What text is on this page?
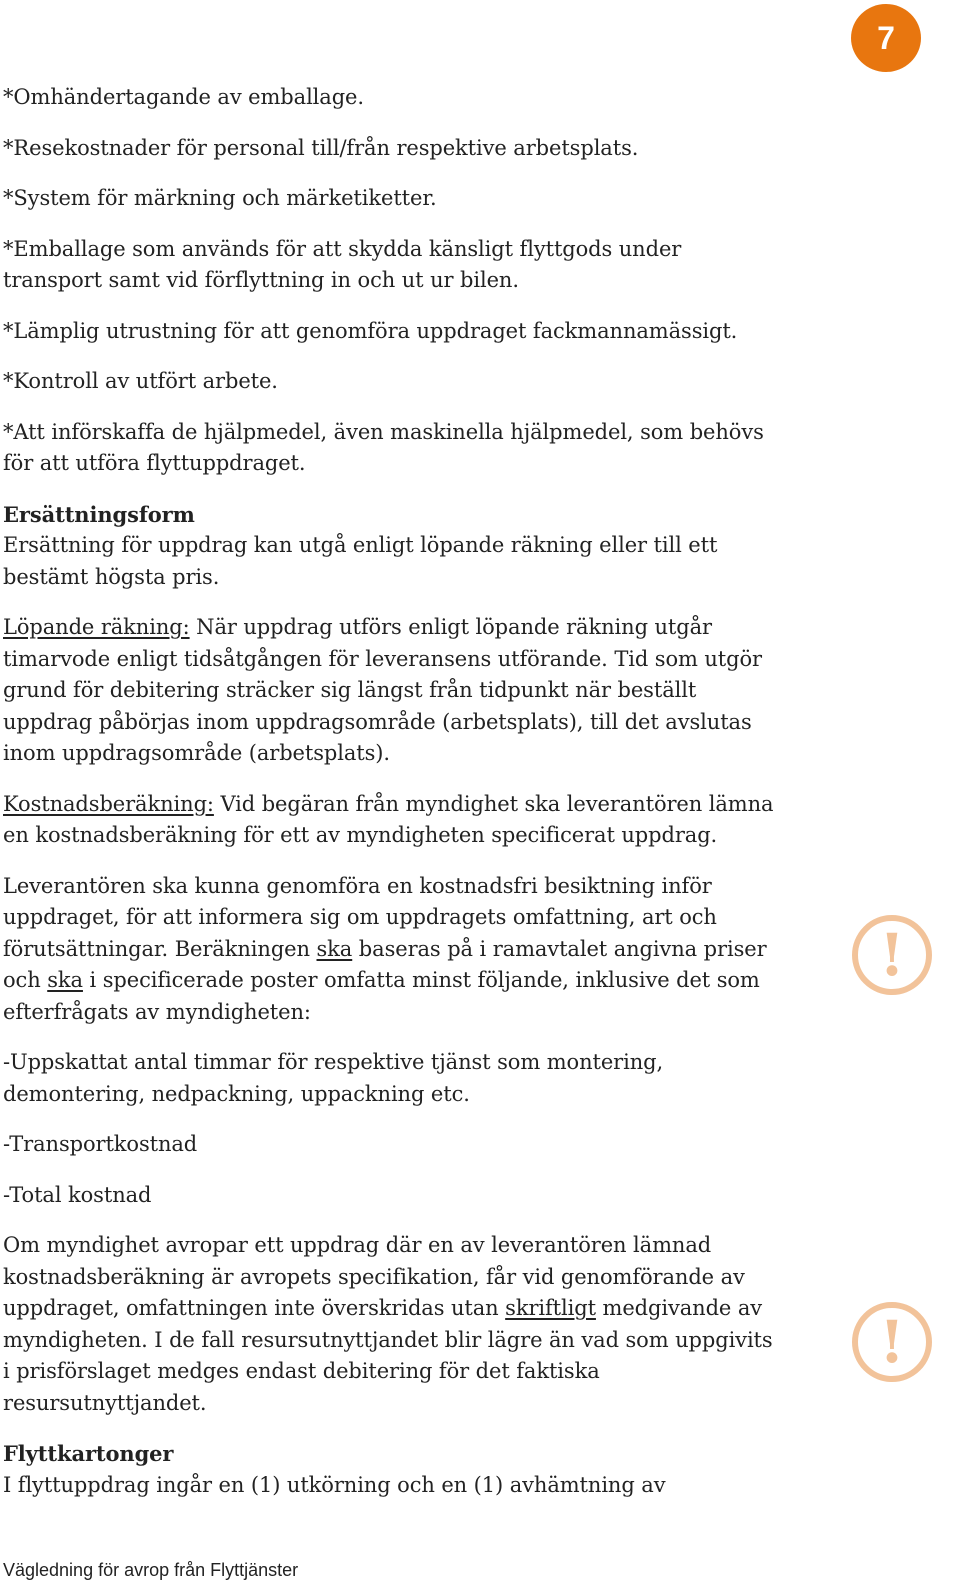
7

*Omhändertagande av emballage.

*Resekostnader för personal till/från respektive arbetsplats.

*System för märkning och märketiketter.

*Emballage som används för att skydda känsligt flyttgods under
transport samt vid förflyttning in och ut ur bilen.

*Lämplig utrustning för att genomföra uppdraget fackmannamässigt.

*Kontroll av utfört arbete.

*Att införskaffa de hjälpmedel, även maskinella hjälpmedel, som behövs
för att utföra flyttuppdraget.

Ersättningsform
Ersättning för uppdrag kan utgå enligt löpande räkning eller till ett
bestämt högsta pris.

Löpande räkning: När uppdrag utförs enligt löpande räkning utgår
timarvode enligt tidsåtgången för leveransens utförande. Tid som utgör
grund för debitering sträcker sig längst från tidpunkt när beställt
uppdrag påbörjas inom uppdragsområde (arbetsplats), till det avslutas
inom uppdragsområde (arbetsplats).

Kostnadsberäkning: Vid begäran från myndighet ska leverantören lämna
en kostnadsberäkning för ett av myndigheten specificerat uppdrag.

Leverantören ska kunna genomföra en kostnadsfri besiktning inför
uppdraget, för att informera sig om uppdragets omfattning, art och
förutsättningar. Beräkningen ska baseras på i ramavtalet angivna priser
och ska i specificerade poster omfatta minst följande, inklusive det som
efterfrågats av myndigheten:

-Uppskattat antal timmar för respektive tjänst som montering,
demontering, nedpackning, uppackning etc.

-Transportkostnad

-Total kostnad

Om myndighet avropar ett uppdrag där en av leverantören lämnad
kostnadsberäkning är avropets specifikation, får vid genomförande av
uppdraget, omfattningen inte överskridas utan skriftligt medgivande av
myndigheten. I de fall resursutnyttjandet blir lägre än vad som uppgivits
i prisförslaget medges endast debitering för det faktiska
resursutnyttjandet.

Flyttkartonger
I flyttuppdrag ingår en (1) utkörning och en (1) avhämtning av

!
!
Vägledning för avrop från Flyttjänster
